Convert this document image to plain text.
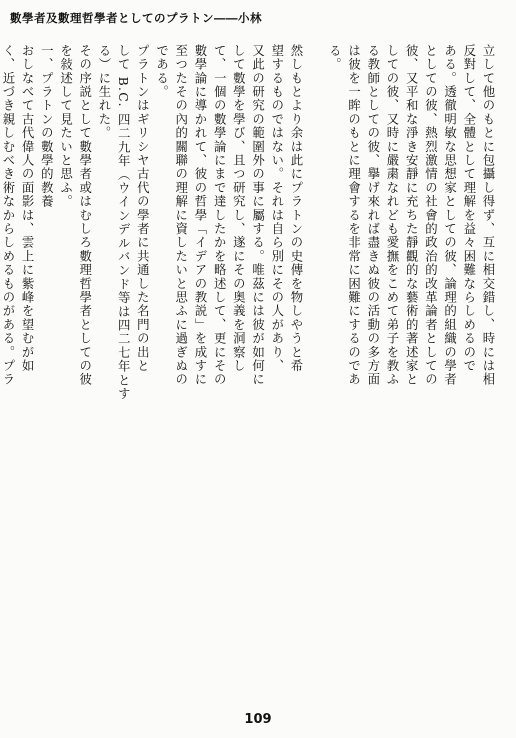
數學者及數理哲學者としてのプラトン――小林
立して他のもとに包攝し得ず、互に相交錯し、時には相
反對して、全體として理解を益々困難ならしめるので
ある。透徹明敏な思想家としての彼、論理的組織の學者
としての彼、熱烈激情の社會的政治的改革論者としての
彼、又平和な淨き安靜に充ちた靜觀的な藝術的著述家と
しての彼、又時に嚴粛なれども愛撫をこめて弟子を教ふ
る教師としての彼、擧げ來れば盡きぬ彼の活動の多方面
は彼を一眸のもとに理會するを非常に困難にするのであ
る。

然しもとより余は此にプラトンの史傳を物しやうと希
望するものではない。それは自ら別にその人があり、
又此の研究の範圍外の事に屬する。唯茲には彼が如何に
して數學を學び、且つ研究し、遂にその奥義を洞察し
て、一個の數學論にまで達したかを略述して、更にその
數學論に導かれて、彼の哲學「イデアの教説」を成すに
至つたその內的關聯の理解に資したいと思ふに過ぎぬの
である。
プラトンはギリシヤ古代の學者に共通した名門の出と
して B.C. 四二九年（ウインデルバンド等は四二七年とす
る）に生れた。
その序説として數學者或はむしろ數理哲學者としての彼
を敍述して見たいと思ふ。
一、プラトンの數學的教養
おしなべて古代偉人の面影は、雲上に紫峰を望むが如
く、近づき親しむべき術なからしめるものがある。プラ
109
